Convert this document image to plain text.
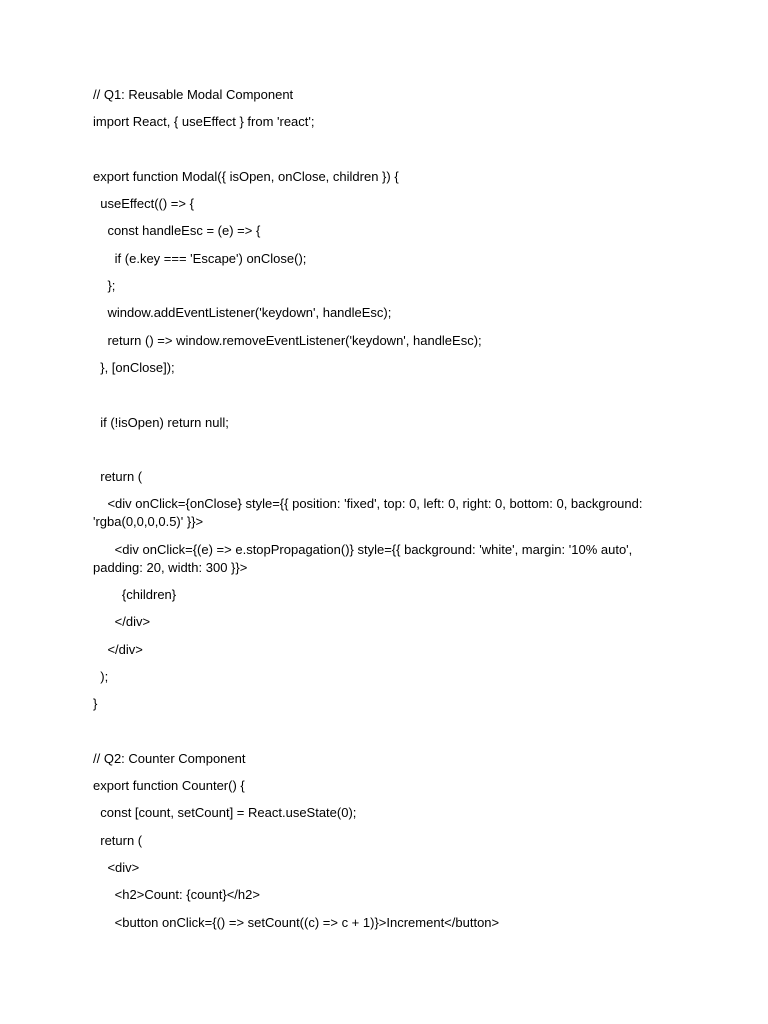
// Q1: Reusable Modal Component

import React, { useEffect } from 'react';

export function Modal({ isOpen, onClose, children }) {

useEffect(() => {

const handleEsc = (e) => {

if (e.key === 'Escape') onClose();

};

window.addEventListener('keydown', handleEsc);

return () => window.removeEventListener('keydown', handleEsc);

}, [onClose]);

if (!isOpen) return null;

return (

<div onClick={onClose} style={{ position: 'fixed', top: 0, left: 0, right: 0, bottom: 0, background: 'rgba(0,0,0,0.5)' }}>

<div onClick={(e) => e.stopPropagation()} style={{ background: 'white', margin: '10% auto', padding: 20, width: 300 }}>

{children}

</div>

</div>

);

}

// Q2: Counter Component

export function Counter() {

const [count, setCount] = React.useState(0);

return (

<div>

<h2>Count: {count}</h2>

<button onClick={() => setCount((c) => c + 1)}>Increment</button>
